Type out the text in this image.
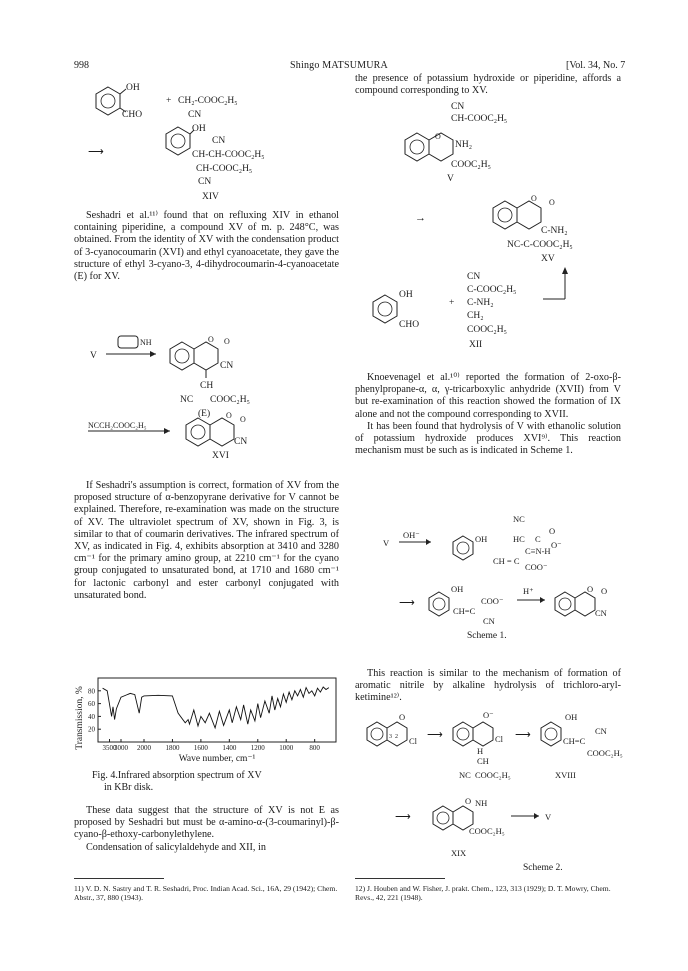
998	Shingo MATSUMURA	[Vol. 34, No. 7
OH
CHO
+ CH₂-COOC₂H₅
CN
⟶
OH
CN
CH-CH-COOC₂H₅
CH-COOC₂H₅
CN
XIV

Seshadri et al.¹¹⁾ found that on refluxing XIV in ethanol containing piperidine, a compound XV of m. p. 248°C, was obtained. From the identity of XV with the condensation product of 3-cyanocoumarin (XVI) and ethyl cyanoacetate, they gave the structure of ethyl 3-cyano-3, 4-dihydrocoumarin-4-cyanoacetate (E) for XV.

V
NH	O O
CN
CH
NC COOC₂H₅
(E)
NCCH₂COOC₂H₅
O O
CN
XVI

If Seshadri's assumption is correct, formation of XV from the proposed structure of α-benzopyrane derivative for V cannot be explained. Therefore, re-examination was made on the structure of XV. The ultraviolet spectrum of XV, shown in Fig. 3, is similar to that of coumarin derivatives. The infrared spectrum of XV, as indicated in Fig. 4, exhibits absorption at 3410 and 3280 cm⁻¹ for the primary amino group, at 2210 cm⁻¹ for the cyano group conjugated to unsaturated bond, at 1710 and 1680 cm⁻¹ for lactonic carbonyl and ester carbonyl conjugated with unsaturated bond.

20
40
60
80
3500
3000 2000 1800 1600 1400 1200 1000 800
Wave number, cm⁻¹
Transmission, %
Fig. 4.Infrared absorption spectrum of XV
in KBr disk.

These data suggest that the structure of XV is not E as proposed by Seshadri but must be α-amino-α-(3-coumarinyl)-β-cyano-β-ethoxy-carbonylethylene.

Condensation of salicylaldehyde and XII, in

11) V. D. N. Sastry and T. R. Seshadri, Proc. Indian Acad. Sci., 16A, 29 (1942); Chem. Abstr., 37, 880 (1943).

the presence of potassium hydroxide or piperidine, affords a compound corresponding to XV.

CN
CH-COOC₂H₅
O
NH₂
COOC₂H₅
V
→
O O
C-NH₂
NC-C-COOC₂H₅
XV
OH
CHO
CN
C-COOC₂H₅
+ C-NH₂
CH₂
COOC₂H₅
XII

Knoevenagel et al.¹⁰⁾ reported the formation of 2-oxo-β-phenylpropane-α, α, γ-tricarboxylic anhydride (XVII) from V but re-examination of this reaction showed the formation of IX alone and not the compound corresponding to XVII.

It has been found that hydrolysis of V with ethanolic solution of potassium hydroxide produces XVI⁹⁾. This reaction mechanism must be such as is indicated in Scheme 1.

V
OH⁻	OH
NC
HC C
O
O⁻
C≡N-H
CH = C
COO⁻
⟶
OH
COO⁻
CH=C
CN
H⁺	O O
CN
Scheme 1.

This reaction is similar to the mechanism of formation of aromatic nitrile by alkaline hydrolysis of trichloro-aryl-ketimine¹²⁾.

O
Cl
3 2	⟶
O⁻
Cl
H
CH
NC COOC₂H₅
⟶
OH
CN
CH=C
COOC₂H₅
XVIII
⟶
O NH
COOC₂H₅
V
XIX
Scheme 2.
12) J. Houben and W. Fisher, J. prakt. Chem., 123, 313 (1929); D. T. Mowry, Chem. Revs., 42, 221 (1948).
